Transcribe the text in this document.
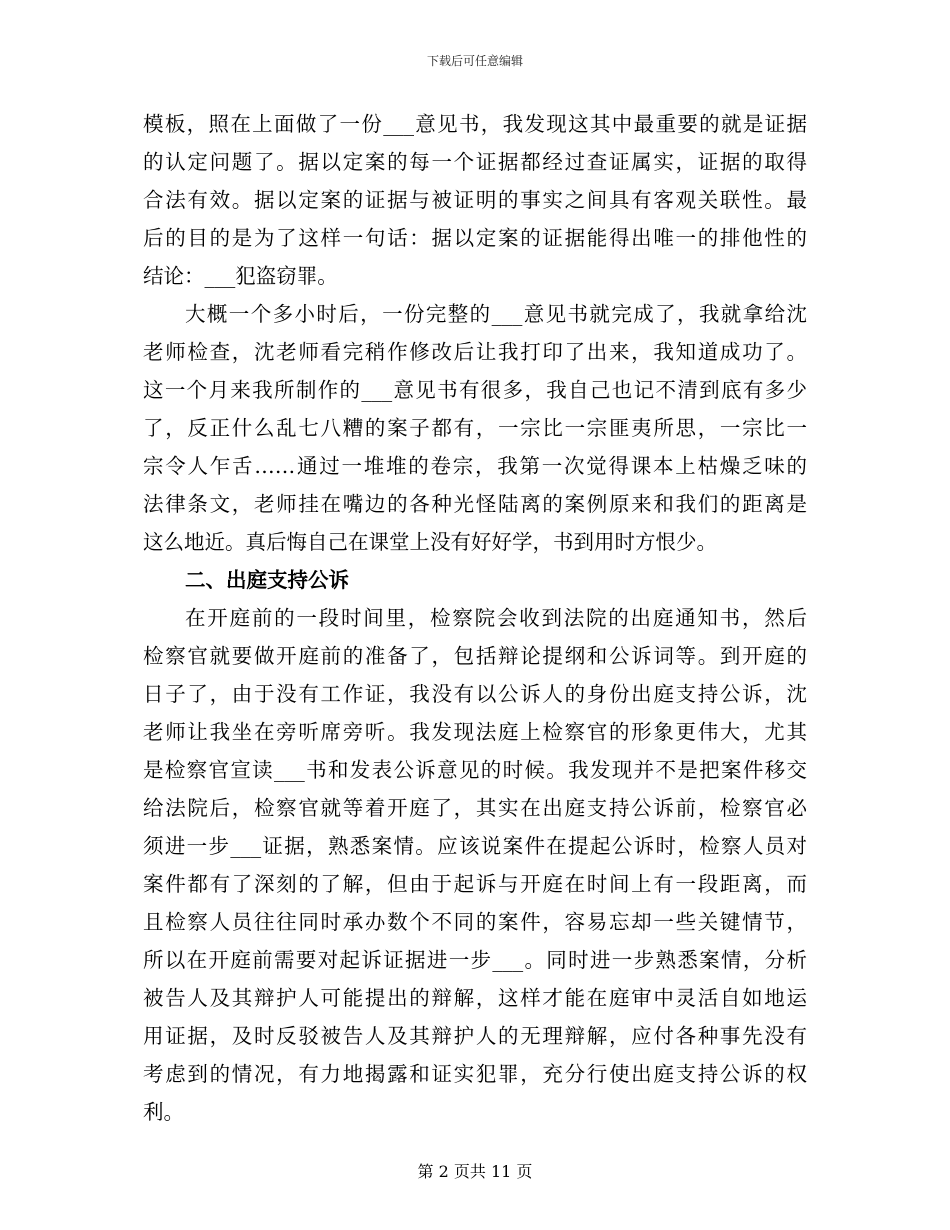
下载后可任意编辑
模板，照在上面做了一份___意见书，我发现这其中最重要的就是证据
的认定问题了。据以定案的每一个证据都经过查证属实，证据的取得
合法有效。据以定案的证据与被证明的事实之间具有客观关联性。最
后的目的是为了这样一句话：据以定案的证据能得出唯一的排他性的
结论：___犯盗窃罪。
大概一个多小时后，一份完整的___意见书就完成了，我就拿给沈
老师检查，沈老师看完稍作修改后让我打印了出来，我知道成功了。
这一个月来我所制作的___意见书有很多，我自己也记不清到底有多少
了，反正什么乱七八糟的案子都有，一宗比一宗匪夷所思，一宗比一
宗令人乍舌……通过一堆堆的卷宗，我第一次觉得课本上枯燥乏味的
法律条文，老师挂在嘴边的各种光怪陆离的案例原来和我们的距离是
这么地近。真后悔自己在课堂上没有好好学，书到用时方恨少。
二、出庭支持公诉
在开庭前的一段时间里，检察院会收到法院的出庭通知书，然后
检察官就要做开庭前的准备了，包括辩论提纲和公诉词等。到开庭的
日子了，由于没有工作证，我没有以公诉人的身份出庭支持公诉，沈
老师让我坐在旁听席旁听。我发现法庭上检察官的形象更伟大，尤其
是检察官宣读___书和发表公诉意见的时候。我发现并不是把案件移交
给法院后，检察官就等着开庭了，其实在出庭支持公诉前，检察官必
须进一步___证据，熟悉案情。应该说案件在提起公诉时，检察人员对
案件都有了深刻的了解，但由于起诉与开庭在时间上有一段距离，而
且检察人员往往同时承办数个不同的案件，容易忘却一些关键情节，
所以在开庭前需要对起诉证据进一步___。同时进一步熟悉案情，分析
被告人及其辩护人可能提出的辩解，这样才能在庭审中灵活自如地运
用证据，及时反驳被告人及其辩护人的无理辩解，应付各种事先没有
考虑到的情况，有力地揭露和证实犯罪，充分行使出庭支持公诉的权
利。
第 2 页共 11 页
